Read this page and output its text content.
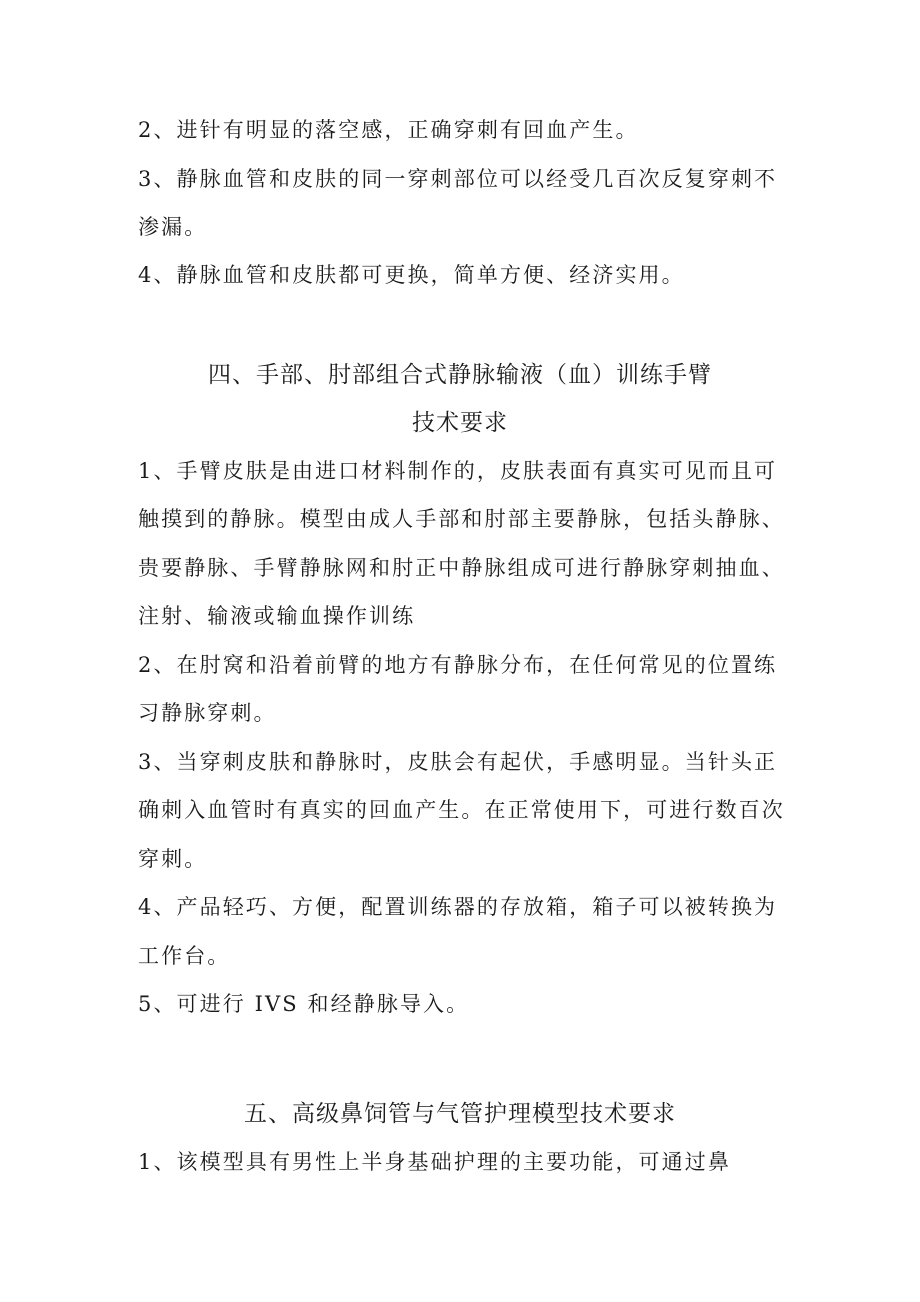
2、进针有明显的落空感，正确穿刺有回血产生。
3、静脉血管和皮肤的同一穿刺部位可以经受几百次反复穿刺不
渗漏。
4、静脉血管和皮肤都可更换，简单方便、经济实用。
四、手部、肘部组合式静脉输液（血）训练手臂
技术要求
1、手臂皮肤是由进口材料制作的，皮肤表面有真实可见而且可
触摸到的静脉。模型由成人手部和肘部主要静脉，包括头静脉、
贵要静脉、手臂静脉网和肘正中静脉组成可进行静脉穿刺抽血、
注射、输液或输血操作训练
2、在肘窝和沿着前臂的地方有静脉分布，在任何常见的位置练
习静脉穿刺。
3、当穿刺皮肤和静脉时，皮肤会有起伏，手感明显。当针头正
确刺入血管时有真实的回血产生。在正常使用下，可进行数百次
穿刺。
4、产品轻巧、方便，配置训练器的存放箱，箱子可以被转换为
工作台。
5、可进行 IVS 和经静脉导入。
五、高级鼻饲管与气管护理模型技术要求
1、该模型具有男性上半身基础护理的主要功能，可通过鼻
